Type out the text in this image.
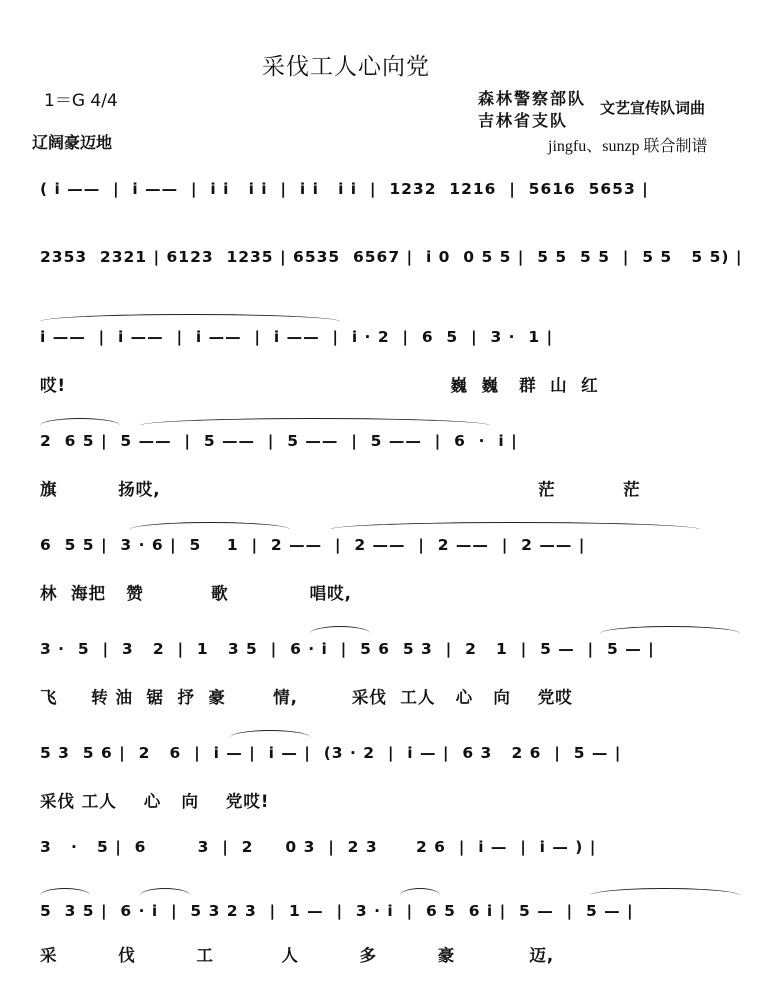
采伐工人心向党
1＝G 4/4	森林警察部队
吉林省支队
文艺宣传队词曲
辽阔豪迈地	jingfu、sunzp 联合制谱
( i ——  |  i ——  |  i i   i i  |  i i   i i  |  1232  1216  |  5616  5653 |
2353  2321 | 6123  1235 | 6535  6567 |  i 0  0 5 5 |  5 5  5 5  |  5 5   5 5) |
i ——  |  i ——  |  i ——  |  i ——  |  i · 2  |  6  5  |  3 ·  1 |
哎!                                                         巍  巍   群  山  红
2  6 5 |  5 ——  |  5 ——  |  5 ——  |  5 ——  |  6  ·  i |
旗         扬哎,                                                        茫          茫
6  5 5 |  3 · 6 |  5    1  |  2 ——  |  2 ——  |  2 ——  |  2 —— |
林  海把   赞          歌            唱哎,
3 ·  5  |  3   2  |  1   3 5  |  6 · i  |  5 6  5 3  |  2   1  |  5 —  |  5 — |
飞     转 油  锯  抒  豪       情,        采伐  工人   心   向    党哎
5 3  5 6 |  2   6  |  i — |  i — |  (3 · 2  |  i — |  6 3   2 6  |  5 — |
采伐 工人    心   向    党哎!
3   ·   5 |  6        3  |  2     0 3  |  2 3      2 6  |  i —  |  i — ) |
5  3 5 |  6 · i  |  5 3 2 3  |  1 —  |  3 · i  |  6 5  6 i |  5 —  |  5 — |
采         伐         工          人         多         豪           迈,
